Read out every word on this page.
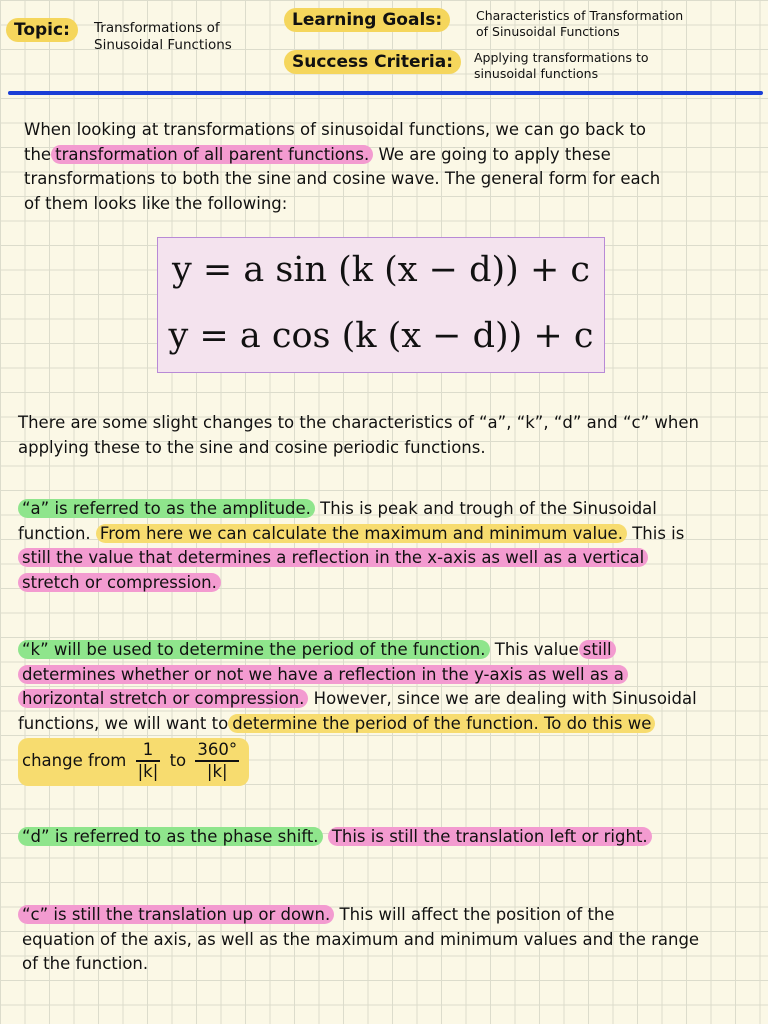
Topic:	Transformations of
Sinusoidal Functions
Learning Goals:	Characteristics of Transformation
of Sinusoidal Functions
Success Criteria:	Applying transformations to
sinusoidal functions
When looking at transformations of sinusoidal functions, we can go back to
the transformation of all parent functions. We are going to apply these
transformations to both the sine and cosine wave. The general form for each
of them looks like the following:
y = a sin (k (x − d)) + c
y = a cos (k (x − d)) + c
There are some slight changes to the characteristics of “a”, “k”, “d” and “c” when
applying these to the sine and cosine periodic functions.
“a” is referred to as the amplitude. This is peak and trough of the Sinusoidal
function. From here we can calculate the maximum and minimum value. This is
still the value that determines a reflection in the x-axis as well as a vertical
stretch or compression.
“k” will be used to determine the period of the function. This value still
determines whether or not we have a reflection in the y-axis as well as a
horizontal stretch or compression. However, since we are dealing with Sinusoidal
functions, we will want to determine the period of the function. To do this we
change from $\frac{1}{|k|}$ to $\frac{360^\circ}{|k|}$
“d” is referred to as the phase shift. This is still the translation left or right.
“c” is still the translation up or down. This will affect the position of the
equation of the axis, as well as the maximum and minimum values and the range
of the function.
